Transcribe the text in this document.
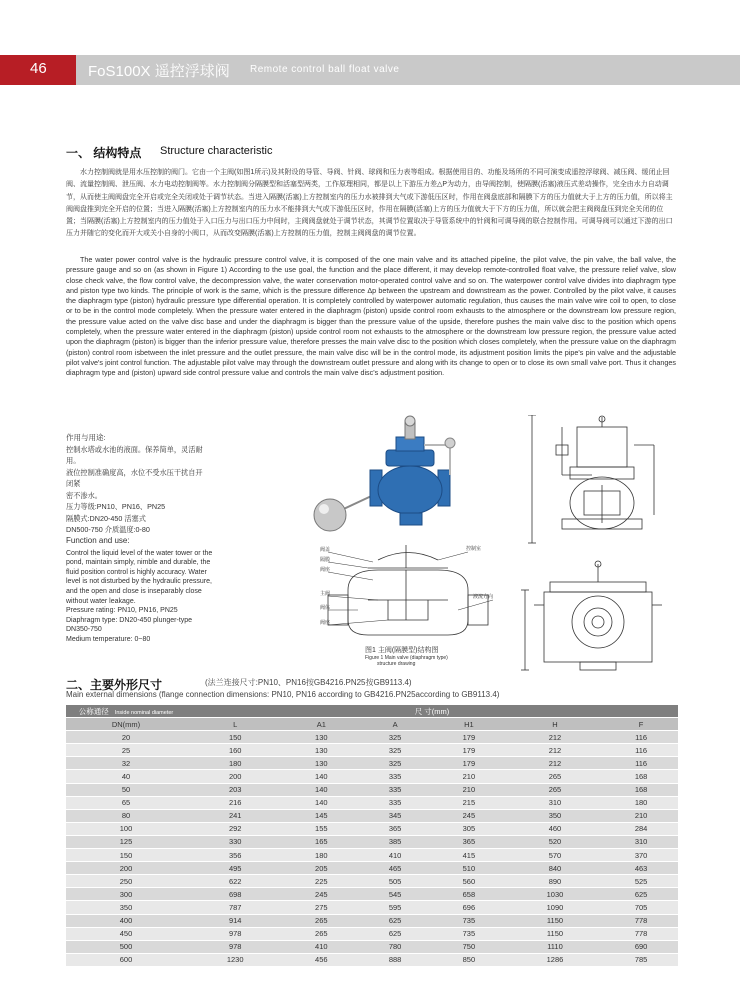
46	FoS100X 遥控浮球阀 Remote control ball float valve
一、 结构特点 Structure characteristic

水力控制阀就是用水压控制的阀门。它由一个主阀(如图1所示)及其附设的导管、导阀、针阀、球阀和压力表等组成。根据使用目的、功能及场所的不同可演变成遥控浮球阀、减压阀、缓闭止回阀、流量控制阀、泄压阀、水力电动控制阀等。水力控制阀分隔膜型和活塞型两类，工作原理相同，都是以上下游压力差△P为动力，由导阀控制，使隔膜(活塞)液压式差动操作，完全由水力自动调节，从而使主阀阀盘完全开启或完全关闭或处于调节状态。当进入隔膜(活塞)上方控制室内的压力水被排到大气或下游低压区时，作用在阀盘底部和隔膜下方的压力值就大于上方的压力值，所以将主阀阀盘推到完全开启的位置；当进入隔膜(活塞)上方控制室内的压力水不能排到大气或下游低压区时，作用在隔膜(活塞)上方的压力值就大于下方的压力值，所以就会把主阀阀盘压到完全关闭的位置；当隔膜(活塞)上方控制室内的压力值处于入口压力与出口压力中间时，主阀阀盘就处于调节状态，其调节位置取决于导管系统中的针阀和可调导阀的联合控制作用。可调导阀可以通过下游的出口压力并随它的变化而开大或关小自身的小阀口，从而改变隔膜(活塞)上方控制的压力值，控制主阀阀盘的调节位置。

The water power control valve is the hydraulic pressure control valve, it is composed of the one main valve and its attached pipeline, the pilot valve, the pin valve, the ball valve, the pressure gauge and so on (as shown in Figure 1) According to the use goal, the function and the place different, it may develop remote-controlled float valve, the pressure relief valve, slow close check valve, the flow control valve, the decompression valve, the water conservation motor-operated control valve and so on. The waterpower control valve divides into diaphragm type and piston type two kinds. The principle of work is the same, which is the pressure difference Δp between the upstream and downstream as the power. Controlled by the pilot valve, it causes the diaphragm type (piston) hydraulic pressure type differential operation. It is completely controlled by waterpower automatic regulation, thus causes the main valve wire coil to open, to close or to be in the control mode completely. When the pressure water entered in the diaphragm (piston) upside control room exhausts to the atmosphere or the downstream low pressure region, the pressure value acted on the valve disc base and under the diaphragm is bigger than the pressure value of the upside, therefore pushes the main valve disc to the position which opens completely, when the pressure water entered in the diaphragm (piston) upside control room not exhausts to the atmosphere or the downstream low pressure region, the pressure value acted upon the diaphragm (piston) is bigger than the inferior pressure value, therefore presses the main valve disc to the position which closes completely, when the pressure value on the diaphragm (piston) control room isbetween the inlet pressure and the outlet pressure, the main valve disc will be in the control mode, its adjustment position limits the pipe's pin valve and the adjustable pilot valve's joint control function. The adjustable pilot valve may through the downstream outlet pressure and along with its change to open or to close its own small valve port. Thus it changes diaphragm type and (piston) upward side control pressure value and controls the main valve disc's adjustment position.

作用与用途:
控制水塔或水池的液面。保养简单，灵活耐用。
液位控制准确度高，水位不受水压干扰自开闭紧
密不渗水。
压力等级:PN10、PN16、PN25
隔膜式:DN20-450 活塞式
DN500-750 介质温度:0-80
Function and use:
Control the liquid level of the water tower or the
pond, maintain simply, nimble and durable, the
fluid position control is highly accuracy. Water
level is not disturbed by the hydraulic pressure,
and the open and close is inseparably close
without water leakage.
Pressure rating: PN10, PN16, PN25
Diaphragm type: DN20-450 plunger-type
DN350-750
Medium temperature: 0~80
阀盖
隔膜
阀座
主阀
阀体
阀座
控制室
液流方向
图1 主阀(隔膜型)结构图
Figure 1 Main valve (diaphragm type)
structure drawing
二、主要外形尺寸	(法兰连接尺寸:PN10、PN16按GB4216.PN25按GB9113.4)
Main external dimensions (flange connection dimensions: PN10, PN16 according to GB4216.PN25according to GB9113.4)
公称通径 Inside nominal diameter	尺 寸(mm)					
DN(mm)	L	A1	A	H1	H	F
20	150	130	325	179	212	116
25	160	130	325	179	212	116
32	180	130	325	179	212	116
40	200	140	335	210	265	168
50	203	140	335	210	265	168
65	216	140	335	215	310	180
80	241	145	345	245	350	210
100	292	155	365	305	460	284
125	330	165	385	365	520	310
150	356	180	410	415	570	370
200	495	205	465	510	840	463
250	622	225	505	560	890	525
300	698	245	545	658	1030	625
350	787	275	595	696	1090	705
400	914	265	625	735	1150	778
450	978	265	625	735	1150	778
500	978	410	780	750	1110	690
600	1230	456	888	850	1286	785
